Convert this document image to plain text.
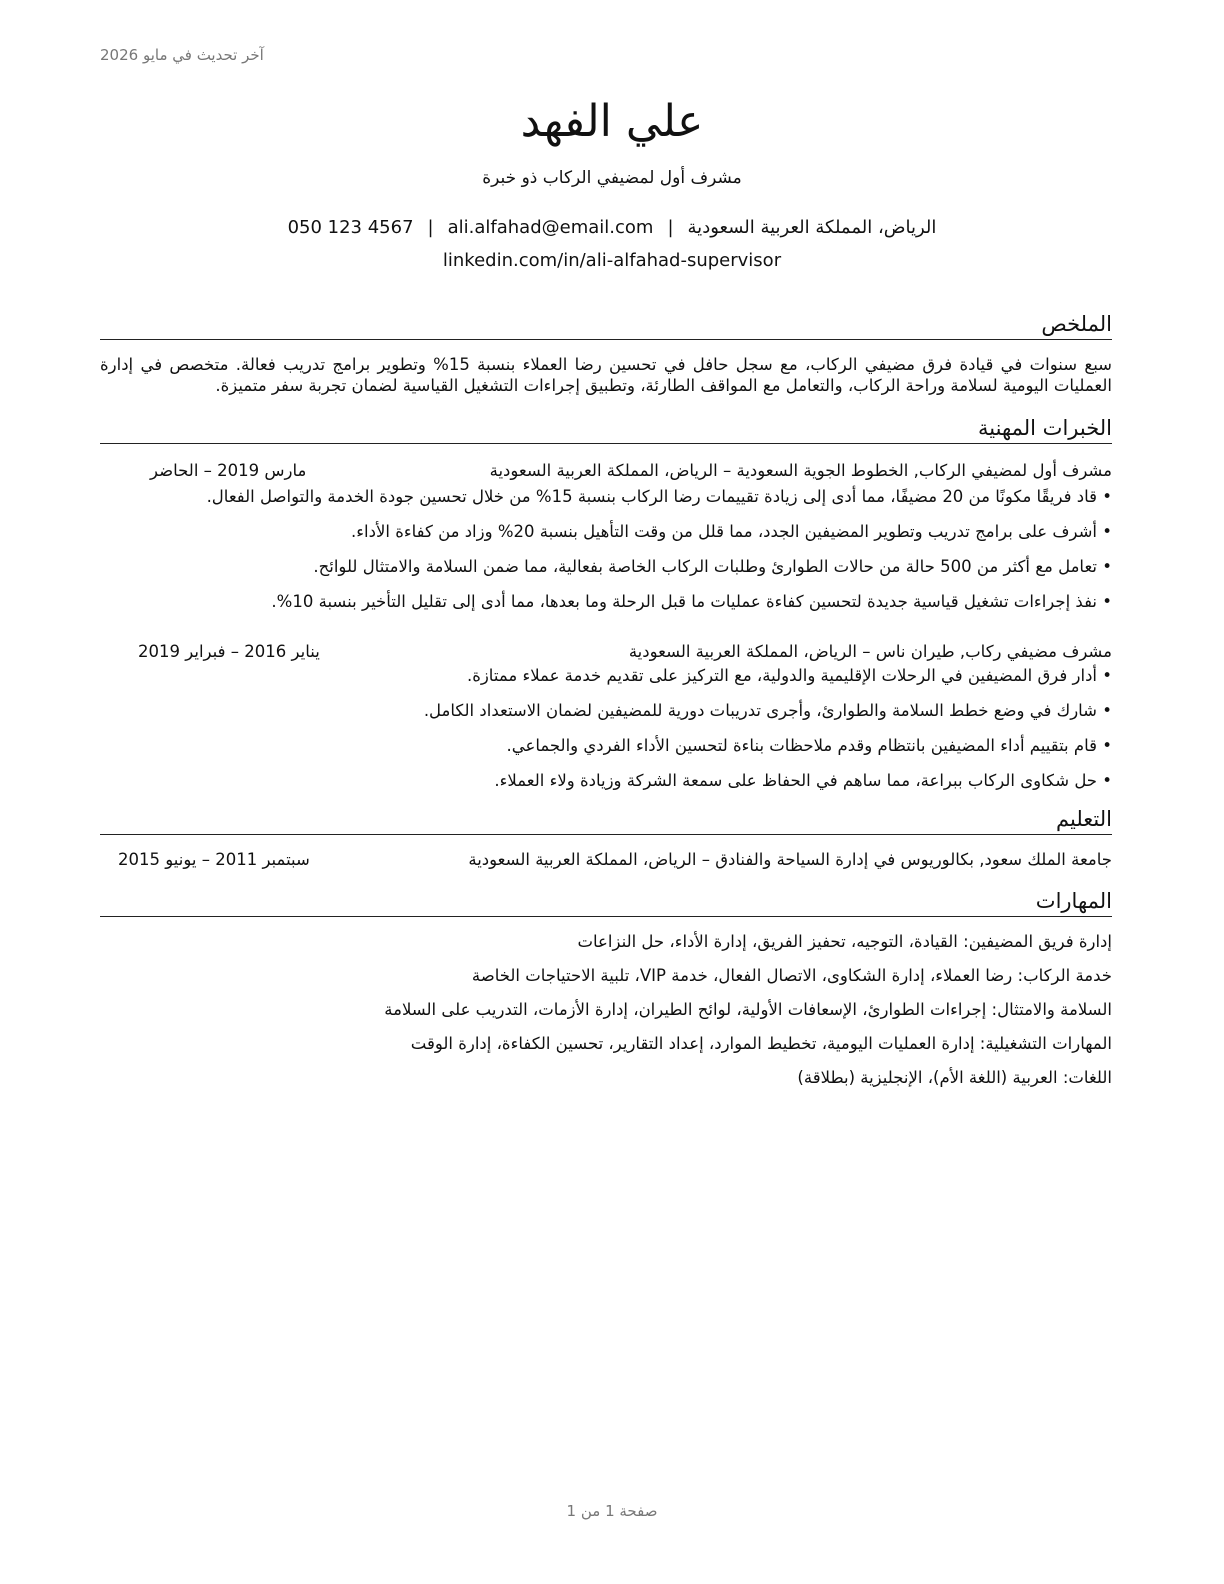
آخر تحديث في مايو 2026
علي الفهد
مشرف أول لمضيفي الركاب ذو خبرة
050 123 4567 | ali.alfahad@email.com | الرياض، المملكة العربية السعودية
linkedin.com/in/ali-alfahad-supervisor
الملخص

سبع سنوات في قيادة فرق مضيفي الركاب، مع سجل حافل في تحسين رضا العملاء بنسبة 15% وتطوير برامج تدريب فعالة. متخصص في إدارة العمليات اليومية لسلامة وراحة الركاب، والتعامل مع المواقف الطارئة، وتطبيق إجراءات التشغيل القياسية لضمان تجربة سفر متميزة.

الخبرات المهنية
مشرف أول لمضيفي الركاب, الخطوط الجوية السعودية – الرياض، المملكة العربية السعودية
مارس 2019 – الحاضر
• قاد فريقًا مكونًا من 20 مضيفًا، مما أدى إلى زيادة تقييمات رضا الركاب بنسبة 15% من خلال تحسين جودة الخدمة والتواصل الفعال.
• أشرف على برامج تدريب وتطوير المضيفين الجدد، مما قلل من وقت التأهيل بنسبة 20% وزاد من كفاءة الأداء.
• تعامل مع أكثر من 500 حالة من حالات الطوارئ وطلبات الركاب الخاصة بفعالية، مما ضمن السلامة والامتثال للوائح.
• نفذ إجراءات تشغيل قياسية جديدة لتحسين كفاءة عمليات ما قبل الرحلة وما بعدها، مما أدى إلى تقليل التأخير بنسبة 10%.
مشرف مضيفي ركاب, طيران ناس – الرياض، المملكة العربية السعودية
يناير 2016 – فبراير 2019
• أدار فرق المضيفين في الرحلات الإقليمية والدولية، مع التركيز على تقديم خدمة عملاء ممتازة.
• شارك في وضع خطط السلامة والطوارئ، وأجرى تدريبات دورية للمضيفين لضمان الاستعداد الكامل.
• قام بتقييم أداء المضيفين بانتظام وقدم ملاحظات بناءة لتحسين الأداء الفردي والجماعي.
• حل شكاوى الركاب ببراعة، مما ساهم في الحفاظ على سمعة الشركة وزيادة ولاء العملاء.
التعليم
جامعة الملك سعود, بكالوريوس في إدارة السياحة والفنادق – الرياض، المملكة العربية السعودية
سبتمبر 2011 – يونيو 2015
المهارات
إدارة فريق المضيفين: القيادة، التوجيه، تحفيز الفريق، إدارة الأداء، حل النزاعات
خدمة الركاب: رضا العملاء، إدارة الشكاوى، الاتصال الفعال، خدمة VIP، تلبية الاحتياجات الخاصة
السلامة والامتثال: إجراءات الطوارئ، الإسعافات الأولية، لوائح الطيران، إدارة الأزمات، التدريب على السلامة
المهارات التشغيلية: إدارة العمليات اليومية، تخطيط الموارد، إعداد التقارير، تحسين الكفاءة، إدارة الوقت
اللغات: العربية (اللغة الأم)، الإنجليزية (بطلاقة)
صفحة 1 من 1
